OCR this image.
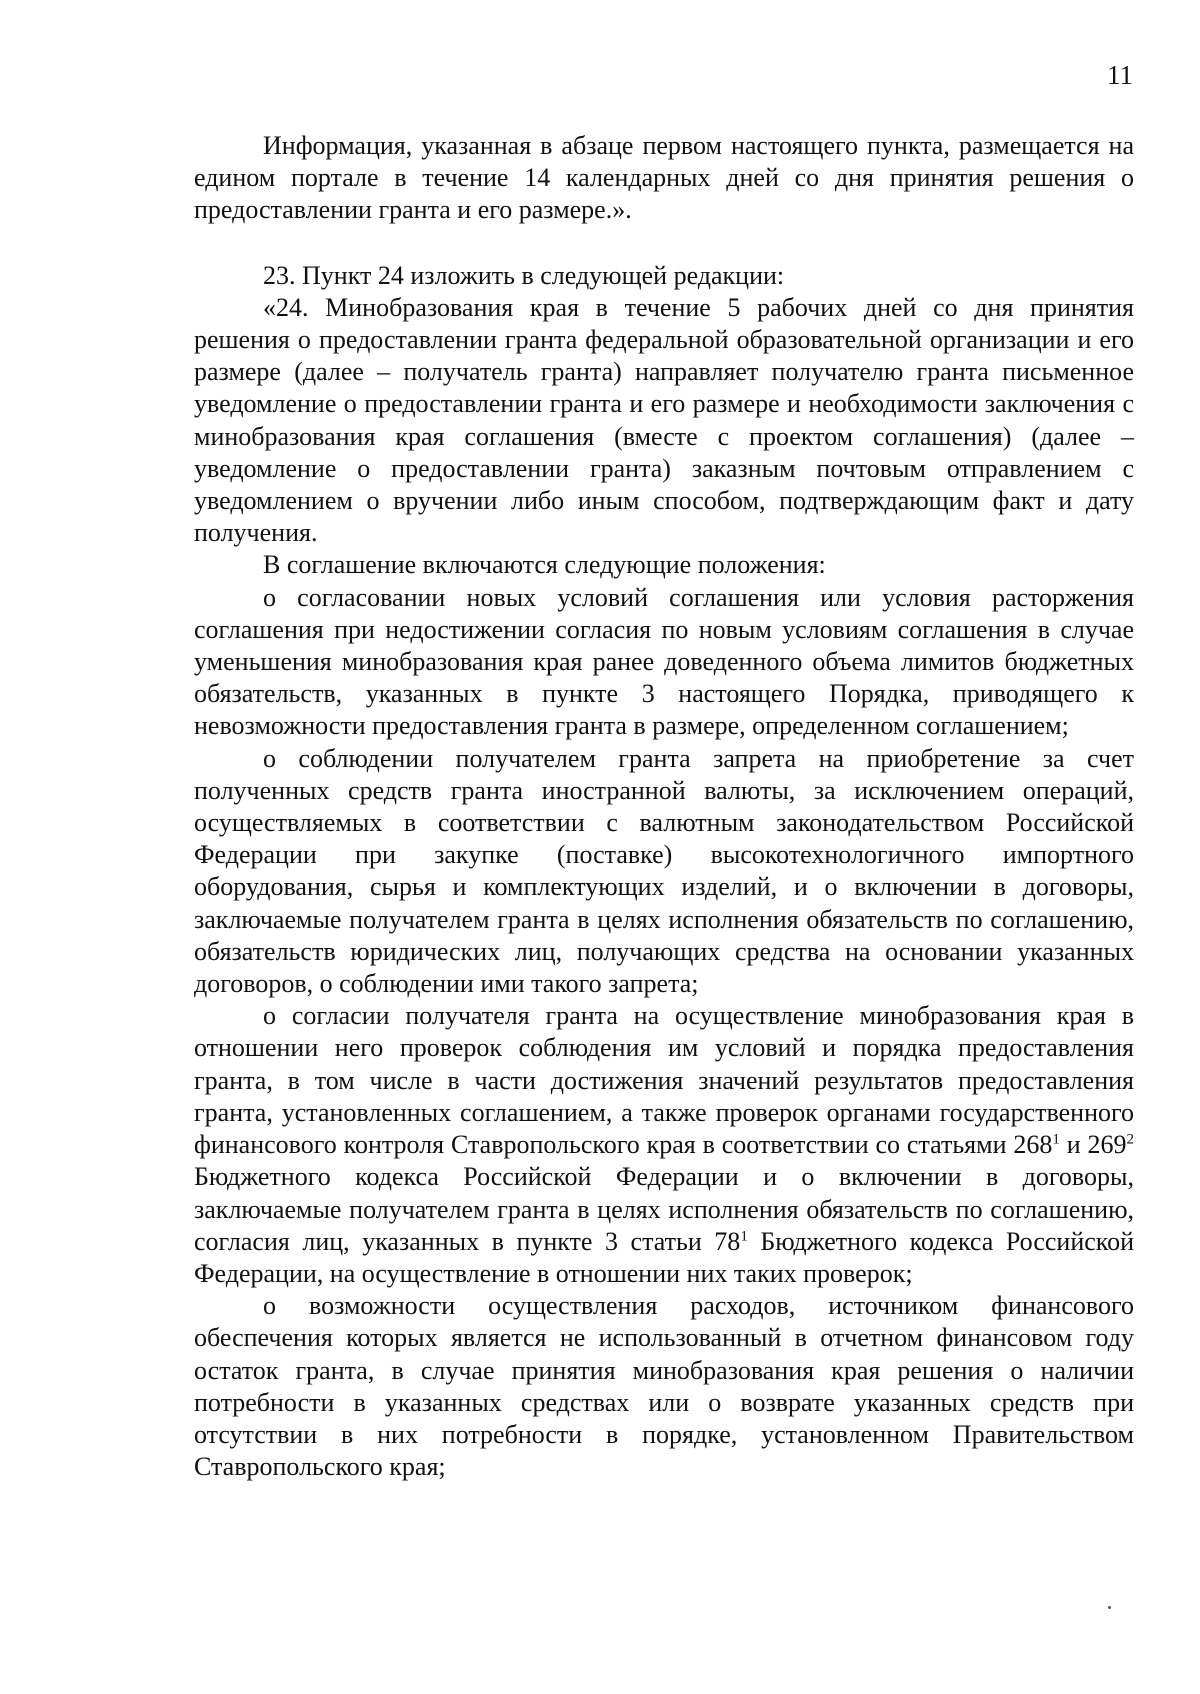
11

Информация, указанная в абзаце первом настоящего пункта, размещается на едином портале в течение 14 календарных дней со дня принятия решения о предоставлении гранта и его размере.».

23. Пункт 24 изложить в следующей редакции:

«24. Минобразования края в течение 5 рабочих дней со дня принятия решения о предоставлении гранта федеральной образовательной организации и его размере (далее – получатель гранта) направляет получателю гранта письменное уведомление о предоставлении гранта и его размере и необходимости заключения с минобразования края соглашения (вместе с проектом соглашения) (далее – уведомление о предоставлении гранта) заказным почтовым отправлением с уведомлением о вручении либо иным способом, подтверждающим факт и дату получения.

В соглашение включаются следующие положения:

о согласовании новых условий соглашения или условия расторжения соглашения при недостижении согласия по новым условиям соглашения в случае уменьшения минобразования края ранее доведенного объема лимитов бюджетных обязательств, указанных в пункте 3 настоящего Порядка, приводящего к невозможности предоставления гранта в размере, определенном соглашением;

о соблюдении получателем гранта запрета на приобретение за счет полученных средств гранта иностранной валюты, за исключением операций, осуществляемых в соответствии с валютным законодательством Российской Федерации при закупке (поставке) высокотехнологичного импортного оборудования, сырья и комплектующих изделий, и о включении в договоры, заключаемые получателем гранта в целях исполнения обязательств по соглашению, обязательств юридических лиц, получающих средства на основании указанных договоров, о соблюдении ими такого запрета;

о согласии получателя гранта на осуществление минобразования края в отношении него проверок соблюдения им условий и порядка предоставления гранта, в том числе в части достижения значений результатов предоставления гранта, установленных соглашением, а также проверок органами государственного финансового контроля Ставропольского края в соответствии со статьями $268^1$ и $269^2$ Бюджетного кодекса Российской Федерации и о включении в договоры, заключаемые получателем гранта в целях исполнения обязательств по соглашению, согласия лиц, указанных в пункте 3 статьи $78^1$ Бюджетного кодекса Российской Федерации, на осуществление в отношении них таких проверок;

о возможности осуществления расходов, источником финансового обеспечения которых является не использованный в отчетном финансовом году остаток гранта, в случае принятия минобразования края решения о наличии потребности в указанных средствах или о возврате указанных средств при отсутствии в них потребности в порядке, установленном Правительством Ставропольского края;
